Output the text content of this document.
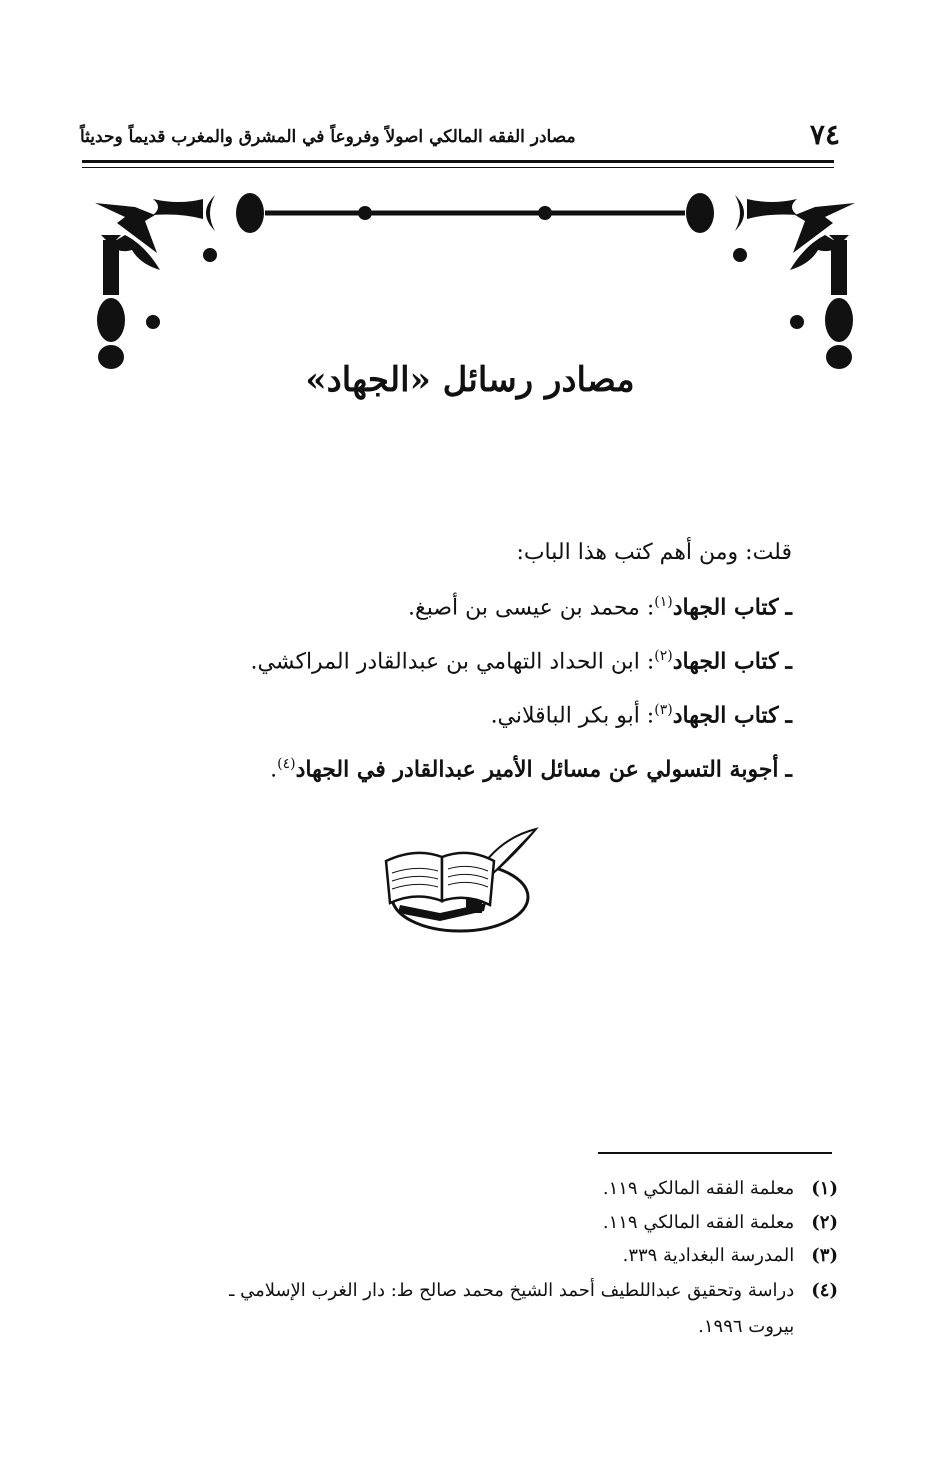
٧٤
مصادر الفقه المالكي اصولاً وفروعاً في المشرق والمغرب قديماً وحديثاً
مصادر رسائل «الجهاد»
قلت: ومن أهم كتب هذا الباب:
ـ كتاب الجهاد$^{(١)}$: محمد بن عيسى بن أصبغ.
ـ كتاب الجهاد$^{(٢)}$: ابن الحداد التهامي بن عبدالقادر المراكشي.
ـ كتاب الجهاد$^{(٣)}$: أبو بكر الباقلاني.
ـ أجوبة التسولي عن مسائل الأمير عبدالقادر في الجهاد$^{(٤)}$.
(١) معلمة الفقه المالكي ١١٩.
(٢) معلمة الفقه المالكي ١١٩.
(٣) المدرسة البغدادية ٣٣٩.
(٤) دراسة وتحقيق عبداللطيف أحمد الشيخ محمد صالح ط: دار الغرب الإسلامي ـ
بيروت ١٩٩٦.
